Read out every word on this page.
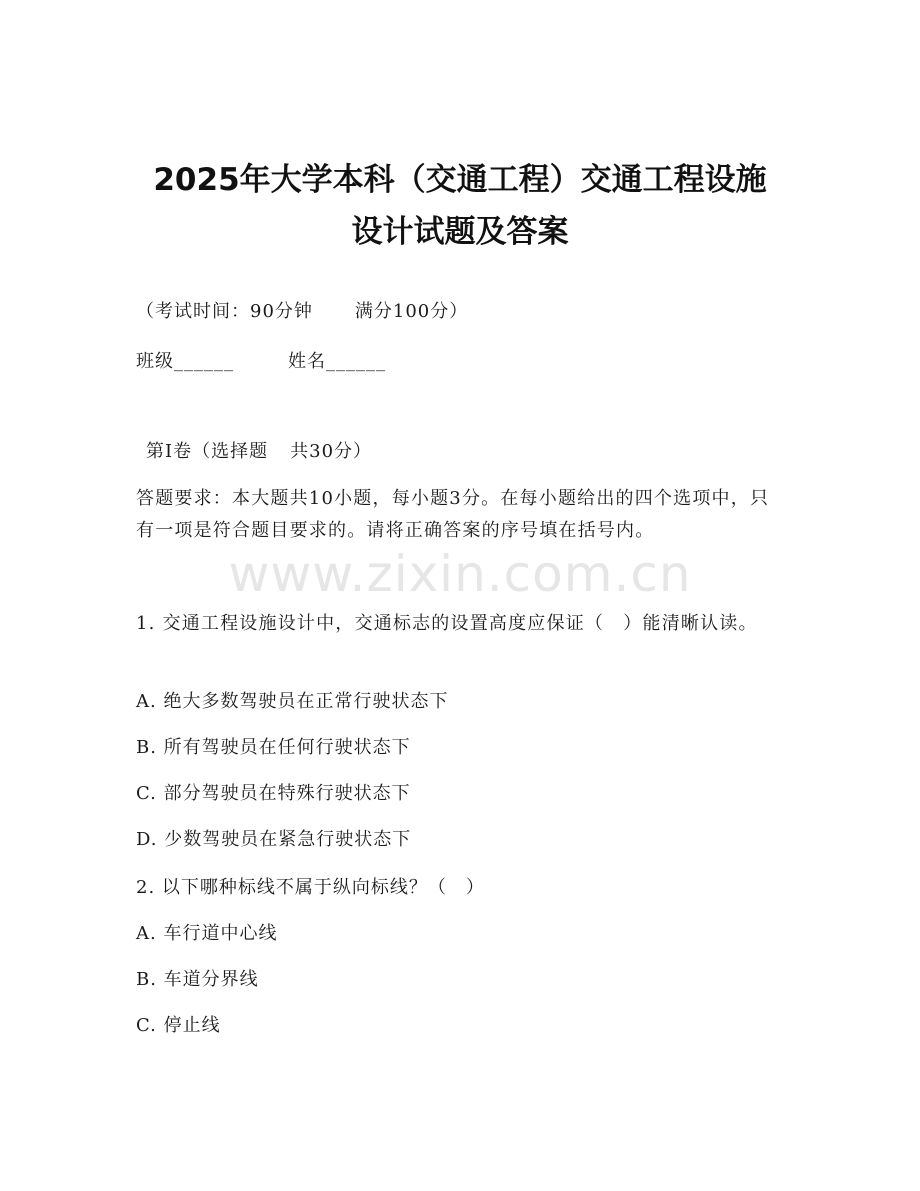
2025年大学本科（交通工程）交通工程设施
设计试题及答案
（考试时间：90分钟 满分100分）
班级______	姓名______
第I卷（选择题 共30分）
答题要求：本大题共10小题，每小题3分。在每小题给出的四个选项中，只有一项是符合题目要求的。请将正确答案的序号填在括号内。
www.zixin.com.cn
1. 交通工程设施设计中，交通标志的设置高度应保证（　）能清晰认读。
A. 绝大多数驾驶员在正常行驶状态下
B. 所有驾驶员在任何行驶状态下
C. 部分驾驶员在特殊行驶状态下
D. 少数驾驶员在紧急行驶状态下
2. 以下哪种标线不属于纵向标线？（　）
A. 车行道中心线
B. 车道分界线
C. 停止线
